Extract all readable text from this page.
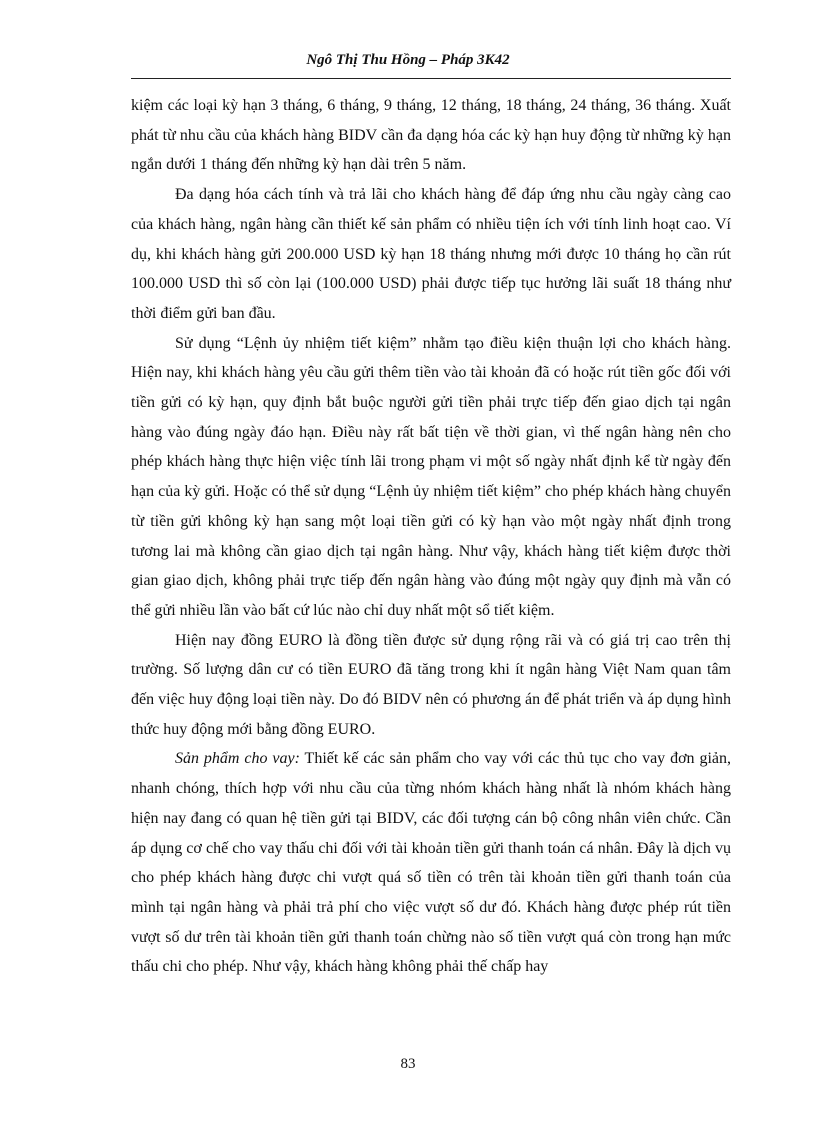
Ngô Thị Thu Hồng – Pháp 3K42

kiệm các loại kỳ hạn 3 tháng, 6 tháng, 9 tháng, 12 tháng, 18 tháng, 24 tháng, 36 tháng. Xuất phát từ nhu cầu của khách hàng BIDV cần đa dạng hóa các kỳ hạn huy động từ những kỳ hạn ngắn dưới 1 tháng đến những kỳ hạn dài trên 5 năm.

Đa dạng hóa cách tính và trả lãi cho khách hàng để đáp ứng nhu cầu ngày càng cao của khách hàng, ngân hàng cần thiết kế sản phẩm có nhiều tiện ích với tính linh hoạt cao. Ví dụ, khi khách hàng gửi 200.000 USD kỳ hạn 18 tháng nhưng mới được 10 tháng họ cần rút 100.000 USD thì số còn lại (100.000 USD) phải được tiếp tục hưởng lãi suất 18 tháng như thời điểm gửi ban đầu.

Sử dụng “Lệnh ủy nhiệm tiết kiệm” nhằm tạo điều kiện thuận lợi cho khách hàng. Hiện nay, khi khách hàng yêu cầu gửi thêm tiền vào tài khoản đã có hoặc rút tiền gốc đối với tiền gửi có kỳ hạn, quy định bắt buộc người gửi tiền phải trực tiếp đến giao dịch tại ngân hàng vào đúng ngày đáo hạn. Điều này rất bất tiện về thời gian, vì thế ngân hàng nên cho phép khách hàng thực hiện việc tính lãi trong phạm vi một số ngày nhất định kể từ ngày đến hạn của kỳ gửi. Hoặc có thể sử dụng “Lệnh ủy nhiệm tiết kiệm” cho phép khách hàng chuyển từ tiền gửi không kỳ hạn sang một loại tiền gửi có kỳ hạn vào một ngày nhất định trong tương lai mà không cần giao dịch tại ngân hàng. Như vậy, khách hàng tiết kiệm được thời gian giao dịch, không phải trực tiếp đến ngân hàng vào đúng một ngày quy định mà vẫn có thể gửi nhiều lần vào bất cứ lúc nào chỉ duy nhất một sổ tiết kiệm.

Hiện nay đồng EURO là đồng tiền được sử dụng rộng rãi và có giá trị cao trên thị trường. Số lượng dân cư có tiền EURO đã tăng trong khi ít ngân hàng Việt Nam quan tâm đến việc huy động loại tiền này. Do đó BIDV nên có phương án để phát triển và áp dụng hình thức huy động mới bằng đồng EURO.

Sản phẩm cho vay: Thiết kế các sản phẩm cho vay với các thủ tục cho vay đơn giản, nhanh chóng, thích hợp với nhu cầu của từng nhóm khách hàng nhất là nhóm khách hàng hiện nay đang có quan hệ tiền gửi tại BIDV, các đối tượng cán bộ công nhân viên chức. Cần áp dụng cơ chế cho vay thấu chi đối với tài khoản tiền gửi thanh toán cá nhân. Đây là dịch vụ cho phép khách hàng được chi vượt quá số tiền có trên tài khoản tiền gửi thanh toán của mình tại ngân hàng và phải trả phí cho việc vượt số dư đó. Khách hàng được phép rút tiền vượt số dư trên tài khoản tiền gửi thanh toán chừng nào số tiền vượt quá còn trong hạn mức thấu chi cho phép. Như vậy, khách hàng không phải thế chấp hay

83
